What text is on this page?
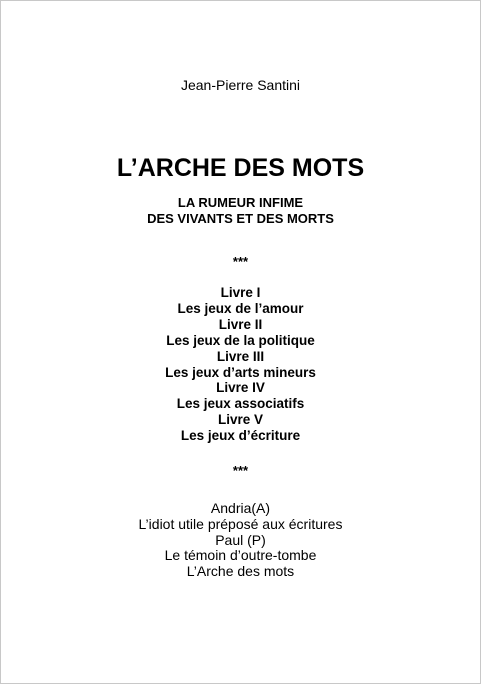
Jean-Pierre Santini
L’ARCHE DES MOTS
LA RUMEUR INFIME
DES VIVANTS ET DES MORTS
***
Livre I
Les jeux de l’amour
Livre II
Les jeux de la politique
Livre III
Les jeux d’arts mineurs
Livre IV
Les jeux associatifs
Livre V
Les jeux d’écriture
***
Andria(A)
L’idiot utile préposé aux écritures
Paul (P)
Le témoin d’outre-tombe
L’Arche des mots
